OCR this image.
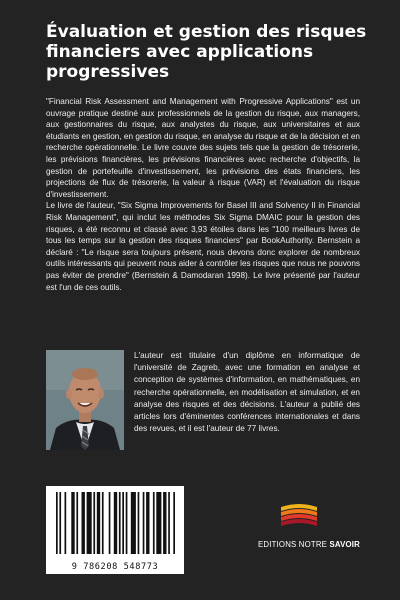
Évaluation et gestion des risques financiers avec applications progressives

"Financial Risk Assessment and Management with Progressive Applications" est un ouvrage pratique destiné aux professionnels de la gestion du risque, aux managers, aux gestionnaires du risque, aux analystes du risque, aux universitaires et aux étudiants en gestion, en gestion du risque, en analyse du risque et de la décision et en recherche opérationnelle. Le livre couvre des sujets tels que la gestion de trésorerie, les prévisions financières, les prévisions financières avec recherche d'objectifs, la gestion de portefeuille d'investissement, les prévisions des états financiers, les projections de flux de trésorerie, la valeur à risque (VAR) et l'évaluation du risque d'investissement.

Le livre de l'auteur, "Six Sigma Improvements for Basel III and Solvency II in Financial Risk Management", qui inclut les méthodes Six Sigma DMAIC pour la gestion des risques, a été reconnu et classé avec 3,93 étoiles dans les "100 meilleurs livres de tous les temps sur la gestion des risques financiers" par BookAuthority. Bernstein a déclaré : "Le risque sera toujours présent, nous devons donc explorer de nombreux outils intéressants qui peuvent nous aider à contrôler les risques que nous ne pouvons pas éviter de prendre" (Bernstein & Damodaran 1998). Le livre présenté par l'auteur est l'un de ces outils.

L'auteur est titulaire d'un diplôme en informatique de l'université de Zagreb, avec une formation en analyse et conception de systèmes d'information, en mathématiques, en recherche opérationnelle, en modélisation et simulation, et en analyse des risques et des décisions. L'auteur a publié des articles lors d'éminentes conférences internationales et dans des revues, et il est l'auteur de 77 livres.
9 786208 548773
EDITIONS NOTRE SAVOIR
